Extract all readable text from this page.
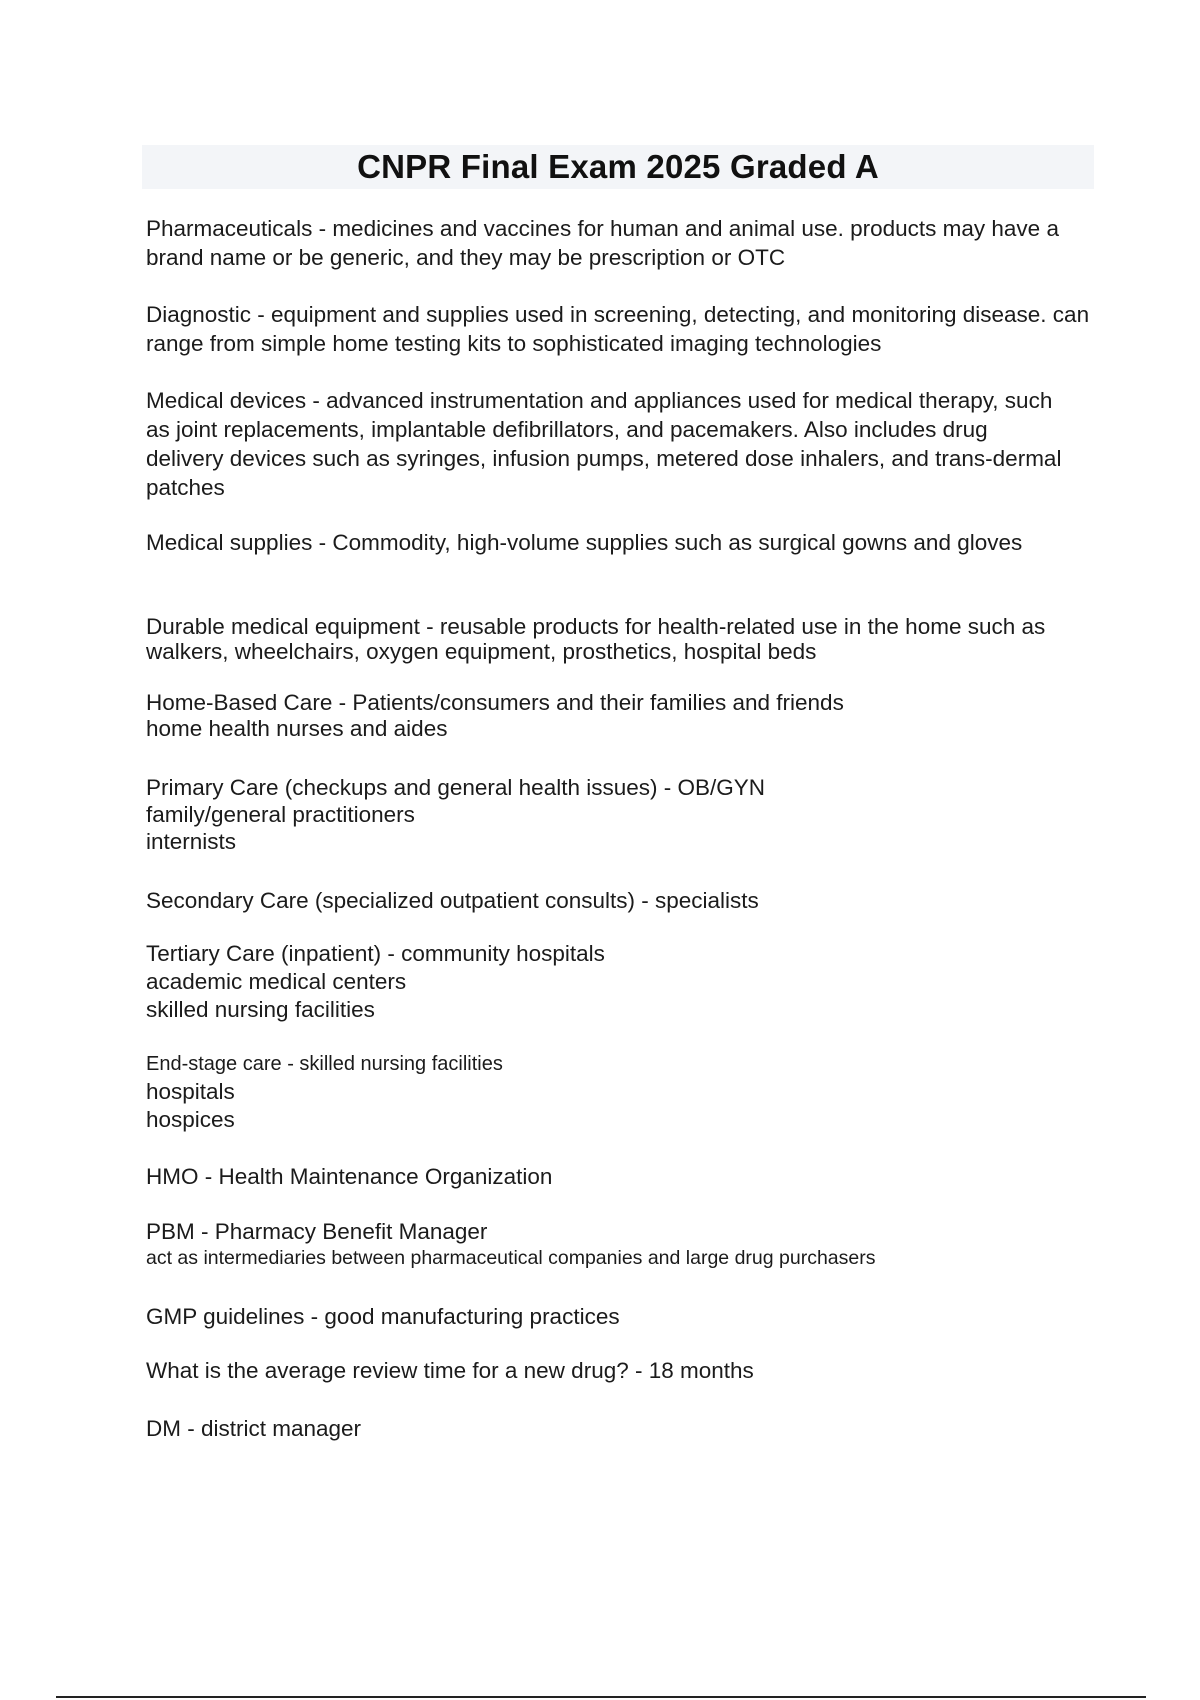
CNPR Final Exam 2025 Graded A

Pharmaceuticals - medicines and vaccines for human and animal use. products may have a brand name or be generic, and they may be prescription or OTC

Diagnostic - equipment and supplies used in screening, detecting, and monitoring disease. can range from simple home testing kits to sophisticated imaging technologies

Medical devices - advanced instrumentation and appliances used for medical therapy, such as joint replacements, implantable defibrillators, and pacemakers. Also includes drug delivery devices such as syringes, infusion pumps, metered dose inhalers, and trans-dermal patches

Medical supplies - Commodity, high-volume supplies such as surgical gowns and gloves

Durable medical equipment - reusable products for health-related use in the home such as walkers, wheelchairs, oxygen equipment, prosthetics, hospital beds

Home-Based Care - Patients/consumers and their families and friends
home health nurses and aides

Primary Care (checkups and general health issues) - OB/GYN
family/general practitioners
internists

Secondary Care (specialized outpatient consults) - specialists

Tertiary Care (inpatient) - community hospitals
academic medical centers
skilled nursing facilities

End-stage care - skilled nursing facilities
hospitals
hospices

HMO - Health Maintenance Organization

PBM - Pharmacy Benefit Manager
act as intermediaries between pharmaceutical companies and large drug purchasers

GMP guidelines - good manufacturing practices

What is the average review time for a new drug? - 18 months

DM - district manager
